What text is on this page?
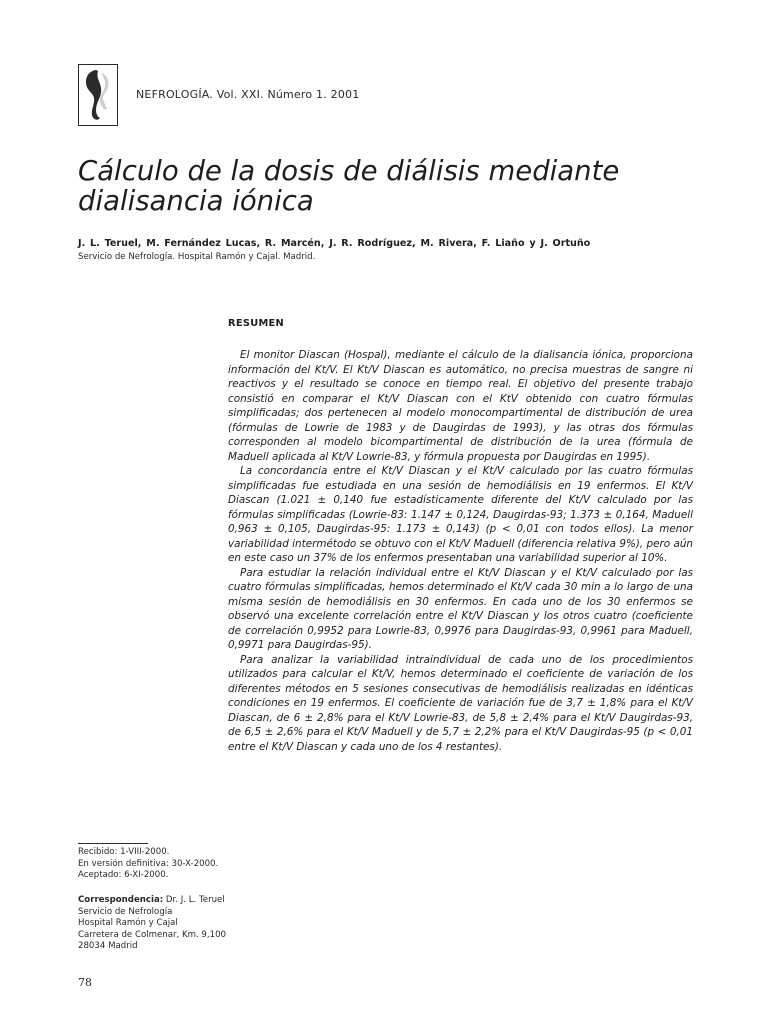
NEFROLOGÍA. Vol. XXI. Número 1. 2001
Cálculo de la dosis de diálisis mediante dialisancia iónica
J. L. Teruel, M. Fernández Lucas, R. Marcén, J. R. Rodríguez, M. Rivera, F. Liaño y J. Ortuño
Servicio de Nefrología. Hospital Ramón y Cajal. Madrid.
RESUMEN

El monitor Diascan (Hospal), mediante el cálculo de la dialisancia iónica, proporciona información del Kt/V. El Kt/V Diascan es automático, no precisa muestras de sangre ni reactivos y el resultado se conoce en tiempo real. El objetivo del presente trabajo consistió en comparar el Kt/V Diascan con el KtV obtenido con cuatro fórmulas simplificadas; dos pertenecen al modelo monocompartimental de distribución de urea (fórmulas de Lowrie de 1983 y de Daugirdas de 1993), y las otras dos fórmulas corresponden al modelo bicompartimental de distribución de la urea (fórmula de Maduell aplicada al Kt/V Lowrie-83, y fórmula propuesta por Daugirdas en 1995).

La concordancia entre el Kt/V Diascan y el Kt/V calculado por las cuatro fórmulas simplificadas fue estudiada en una sesión de hemodiálisis en 19 enfermos. El Kt/V Diascan (1.021 ± 0,140 fue estadísticamente diferente del Kt/V calculado por las fórmulas simplificadas (Lowrie-83: 1.147 ± 0,124, Daugirdas-93; 1.373 ± 0,164, Maduell 0,963 ± 0,105, Daugirdas-95: 1.173 ± 0,143) (p < 0,01 con todos ellos). La menor variabilidad intermétodo se obtuvo con el Kt/V Maduell (diferencia relativa 9%), pero aún en este caso un 37% de los enfermos presentaban una variabilidad superior al 10%.

Para estudiar la relación individual entre el Kt/V Diascan y el Kt/V calculado por las cuatro fórmulas simplificadas, hemos determinado el Kt/V cada 30 min a lo largo de una misma sesión de hemodiálisis en 30 enfermos. En cada uno de los 30 enfermos se observó una excelente correlación entre el Kt/V Diascan y los otros cuatro (coeficiente de correlación 0,9952 para Lowrie-83, 0,9976 para Daugirdas-93, 0,9961 para Maduell, 0,9971 para Daugirdas-95).

Para analizar la variabilidad intraindividual de cada uno de los procedimientos utilizados para calcular el Kt/V, hemos determinado el coeficiente de variación de los diferentes métodos en 5 sesiones consecutivas de hemodiálisis realizadas en idénticas condiciones en 19 enfermos. El coeficiente de variación fue de 3,7 ± 1,8% para el Kt/V Diascan, de 6 ± 2,8% para el Kt/V Lowrie-83, de 5,8 ± 2,4% para el Kt/V Daugirdas-93, de 6,5 ± 2,6% para el Kt/V Maduell y de 5,7 ± 2,2% para el Kt/V Daugirdas-95 (p < 0,01 entre el Kt/V Diascan y cada uno de los 4 restantes).

Recibido: 1-VIII-2000.
En versión definitiva: 30-X-2000.
Aceptado: 6-XI-2000.
Correspondencia: Dr. J. L. Teruel
Servicio de Nefrología
Hospital Ramón y Cajal
Carretera de Colmenar, Km. 9,100
28034 Madrid
78
